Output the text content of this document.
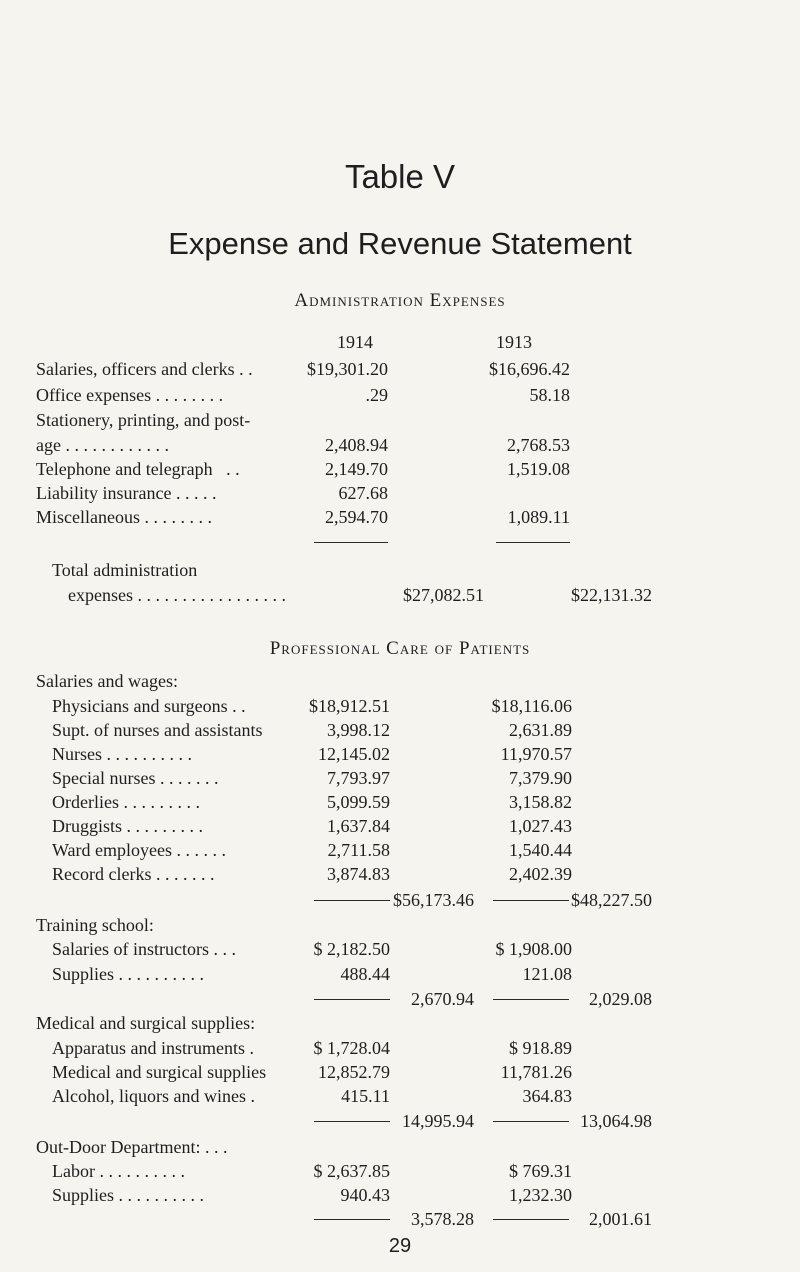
Table V
Expense and Revenue Statement
Administration Expenses
1914	1913
Salaries, officers and clerks . .	$19,301.20	$16,696.42
Office expenses . . . . . . . .	.29	58.18
Stationery, printing, and post-
age . . . . . . . . . . . .	2,408.94	2,768.53
Telephone and telegraph   . .	2,149.70	1,519.08
Liability insurance . . . . .	627.68
Miscellaneous . . . . . . . .	2,594.70	1,089.11
Total administration
expenses . . . . . . . . . . . . . . . . .	$27,082.51	$22,131.32
Professional Care of Patients
Salaries and wages:
Physicians and surgeons . .	$18,912.51	$18,116.06
Supt. of nurses and assistants	3,998.12	2,631.89
Nurses . . . . . . . . . .	12,145.02	11,970.57
Special nurses . . . . . . .	7,793.97	7,379.90
Orderlies . . . . . . . . .	5,099.59	3,158.82
Druggists . . . . . . . . .	1,637.84	1,027.43
Ward employees . . . . . .	2,711.58	1,540.44
Record clerks . . . . . . .	3,874.83	2,402.39
$56,173.46	$48,227.50
Training school:
Salaries of instructors . . .	$ 2,182.50	$ 1,908.00
Supplies . . . . . . . . . .	488.44	121.08
2,670.94	2,029.08
Medical and surgical supplies:
Apparatus and instruments .	$ 1,728.04	$ 918.89
Medical and surgical supplies	12,852.79	11,781.26
Alcohol, liquors and wines .	415.11	364.83
14,995.94	13,064.98
Out-Door Department: . . .
Labor . . . . . . . . . .	$ 2,637.85	$ 769.31
Supplies . . . . . . . . . .	940.43	1,232.30
3,578.28	2,001.61
29
